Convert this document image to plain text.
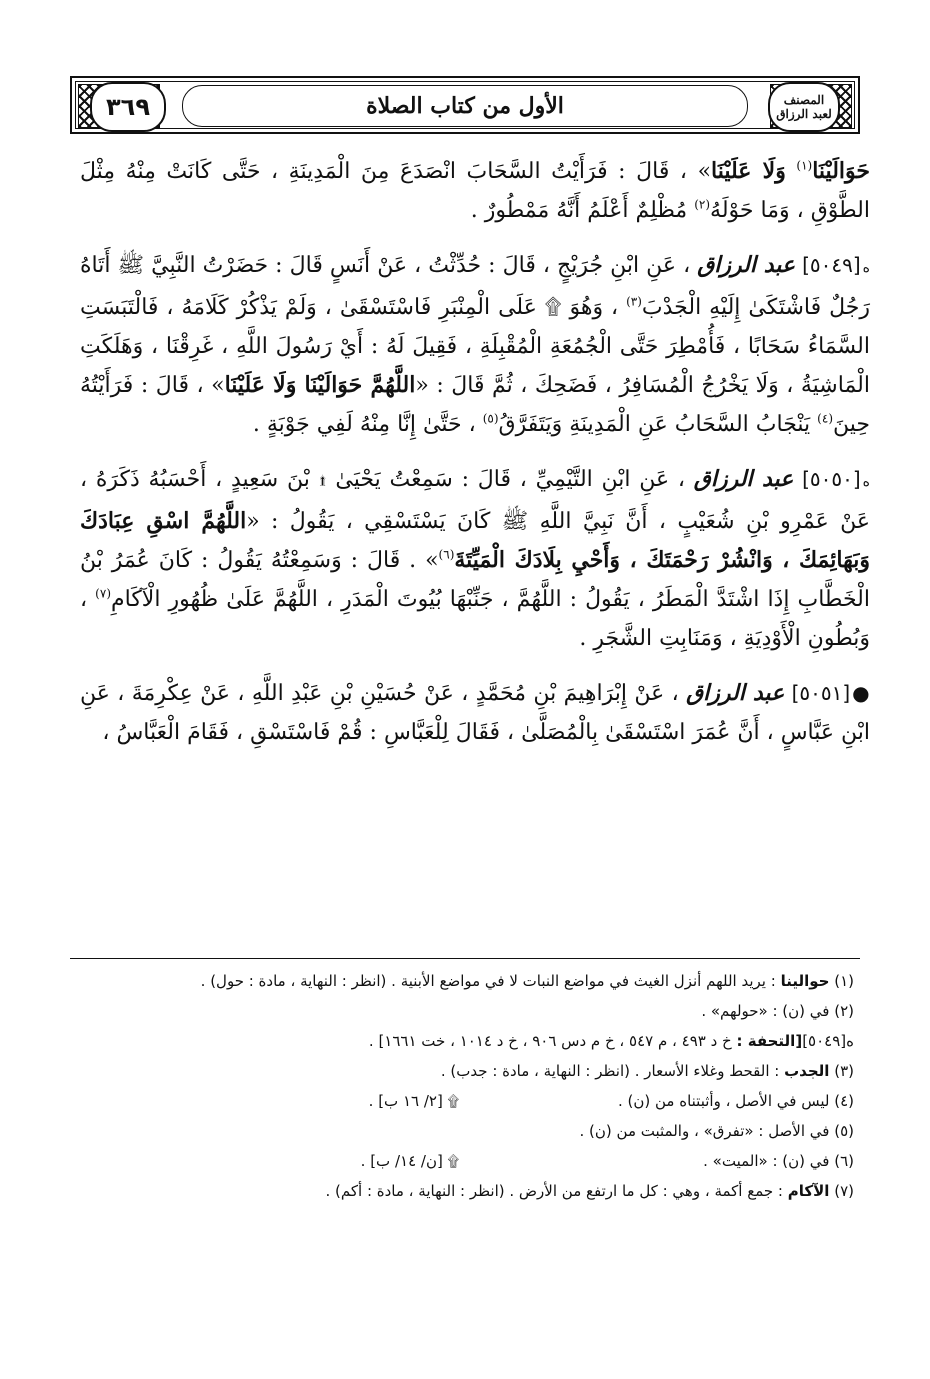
٣٦٩	الأول من كتاب الصلاة	المصنف
لعبد الرزاق

حَوَالَيْنَا$^{(١)}$ وَلَا عَلَيْنَا» ، قَالَ : فَرَأَيْتُ السَّحَابَ انْصَدَعَ مِنَ الْمَدِينَةِ ، حَتَّى كَانَتْ مِنْهُ مِثْلَ الطَّوْقِ ، وَمَا حَوْلَهُ$^{(٢)}$ مُظْلِمٌ أَعْلَمُ أَنَّهُ مَمْطُورٌ .

ه[٥٠٤٩] عبد الرزاق ، عَنِ ابْنِ جُرَيْجٍ ، قَالَ : حُدِّثْتُ ، عَنْ أَنَسٍ قَالَ : حَضَرْتُ النَّبِيَّ ﷺ أَتَاهُ رَجُلٌ فَاشْتَكَىٰ إِلَيْهِ الْجَدْبَ$^{(٣)}$ ، وَهُوَ ۩ عَلَى الْمِنْبَرِ فَاسْتَسْقَىٰ ، وَلَمْ يَذْكُرْ كَلَامَهُ ، فَالْتَبَسَتِ السَّمَاءُ سَحَابًا ، فَأُمْطِرَ حَتَّى الْجُمُعَةِ الْمُقْبِلَةِ ، فَقِيلَ لَهُ : أَيْ رَسُولَ اللَّهِ ، غَرِقْنَا ، وَهَلَكَتِ الْمَاشِيَةُ ، وَلَا يَخْرُجُ الْمُسَافِرُ ، فَضَحِكَ ، ثُمَّ قَالَ : «اللَّهُمَّ حَوَالَيْنَا وَلَا عَلَيْنَا» ، قَالَ : فَرَأَيْتُهُ حِينَ$^{(٤)}$ يَنْجَابُ السَّحَابُ عَنِ الْمَدِينَةِ وَيَتَفَرَّقُ$^{(٥)}$ ، حَتَّىٰ إِنَّا مِنْهُ لَفِي جَوْبَةٍ .

ه[٥٠٥٠] عبد الرزاق ، عَنِ ابْنِ التَّيْمِيِّ ، قَالَ : سَمِعْتُ يَحْيَىٰ ۩ بْنَ سَعِيدٍ ، أَحْسَبُهُ ذَكَرَهُ ، عَنْ عَمْرِو بْنِ شُعَيْبٍ ، أَنَّ نَبِيَّ اللَّهِ ﷺ كَانَ يَسْتَسْقِي ، يَقُولُ : «اللَّهُمَّ اسْقِ عِبَادَكَ وَبَهَائِمَكَ ، وَانْشُرْ رَحْمَتَكَ ، وَأَحْيِ بِلَادَكَ الْمَيِّتَةَ$^{(٦)}$» . قَالَ : وَسَمِعْتُهُ يَقُولُ : كَانَ عُمَرُ بْنُ الْخَطَّابِ إِذَا اشْتَدَّ الْمَطَرُ ، يَقُولُ : اللَّهُمَّ ، جَنِّبْهَا بُيُوتَ الْمَدَرِ ، اللَّهُمَّ عَلَىٰ ظُهُورِ الْآكَامِ$^{(٧)}$ ، وَبُطُونِ الْأَوْدِيَةِ ، وَمَنَابِتِ الشَّجَرِ .

●[٥٠٥١] عبد الرزاق ، عَنْ إِبْرَاهِيمَ بْنِ مُحَمَّدٍ ، عَنْ حُسَيْنِ بْنِ عَبْدِ اللَّهِ ، عَنْ عِكْرِمَةَ ، عَنِ ابْنِ عَبَّاسٍ ، أَنَّ عُمَرَ اسْتَسْقَىٰ بِالْمُصَلَّىٰ ، فَقَالَ لِلْعَبَّاسِ : قُمْ فَاسْتَسْقِ ، فَقَامَ الْعَبَّاسُ ،

(١) حوالينا : يريد اللهم أنزل الغيث في مواضع النبات لا في مواضع الأبنية . (انظر : النهاية ، مادة : حول) .

(٢) في (ن) : «حولهم» .

ه[٥٠٤٩][التحفة : خ د ٤٩٣ ، م ٥٤٧ ، خ م دس ٩٠٦ ، خ د ١٠١٤ ، خت ١٦٦١] .

(٣) الجدب : القحط وغلاء الأسعار . (انظر : النهاية ، مادة : جدب) .

(٤) ليس في الأصل ، وأثبتناه من (ن) .

۩ [٢/ ١٦ ب] .

(٥) في الأصل : «تفرق» ، والمثبت من (ن) .

(٦) في (ن) : «الميت» .

۩ [ن/ ١٤/ ب] .

(٧) الآكام : جمع أكمة ، وهي : كل ما ارتفع من الأرض . (انظر : النهاية ، مادة : أكم) .
